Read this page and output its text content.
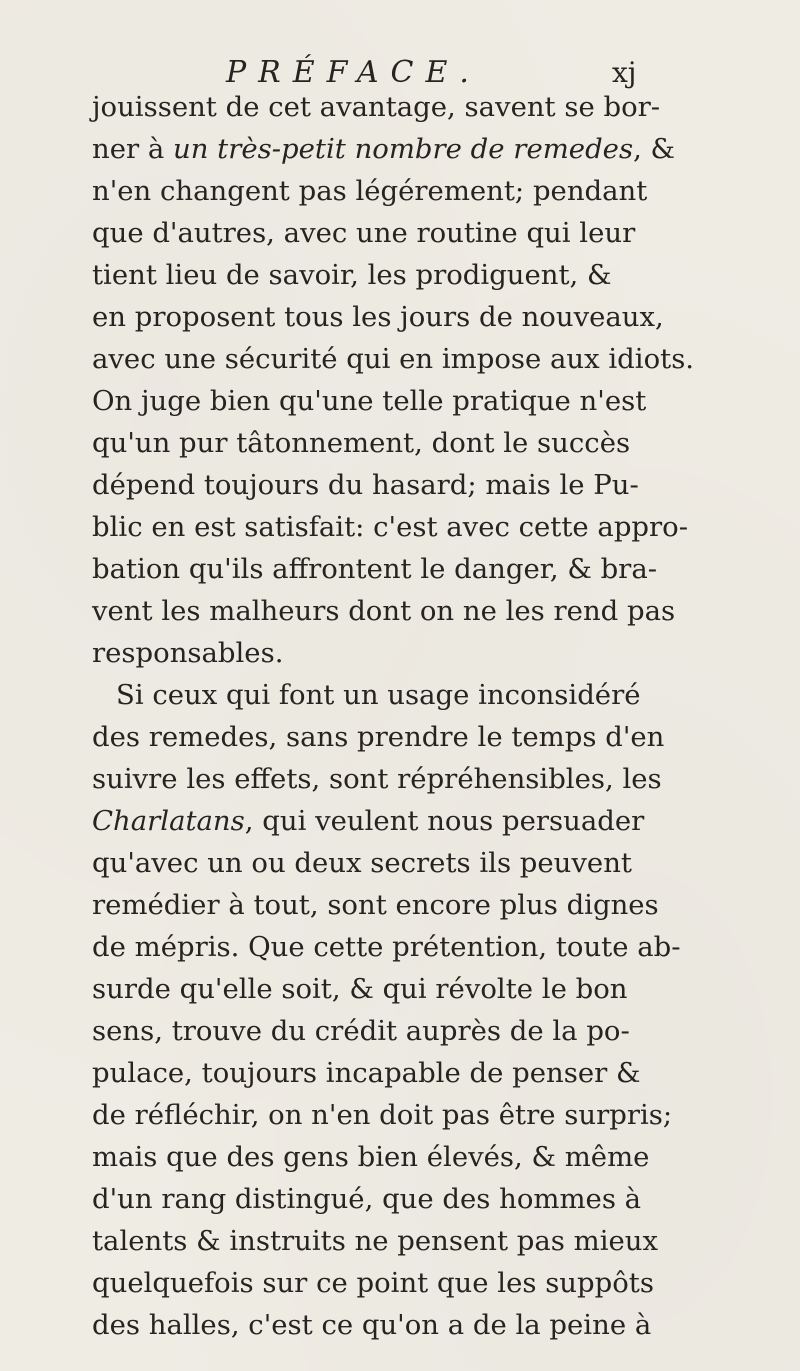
PRÉFACE.	xj
jouissent de cet avantage, savent se bor-
ner à un très-petit nombre de remedes, &
n'en changent pas légérement; pendant
que d'autres, avec une routine qui leur
tient lieu de savoir, les prodiguent, &
en proposent tous les jours de nouveaux,
avec une sécurité qui en impose aux idiots.
On juge bien qu'une telle pratique n'est
qu'un pur tâtonnement, dont le succès
dépend toujours du hasard; mais le Pu-
blic en est satisfait: c'est avec cette appro-
bation qu'ils affrontent le danger, & bra-
vent les malheurs dont on ne les rend pas
responsables.
Si ceux qui font un usage inconsidéré
des remedes, sans prendre le temps d'en
suivre les effets, sont répréhensibles, les
Charlatans, qui veulent nous persuader
qu'avec un ou deux secrets ils peuvent
remédier à tout, sont encore plus dignes
de mépris. Que cette prétention, toute ab-
surde qu'elle soit, & qui révolte le bon
sens, trouve du crédit auprès de la po-
pulace, toujours incapable de penser &
de réfléchir, on n'en doit pas être surpris;
mais que des gens bien élevés, & même
d'un rang distingué, que des hommes à
talents & instruits ne pensent pas mieux
quelquefois sur ce point que les suppôts
des halles, c'est ce qu'on a de la peine à
